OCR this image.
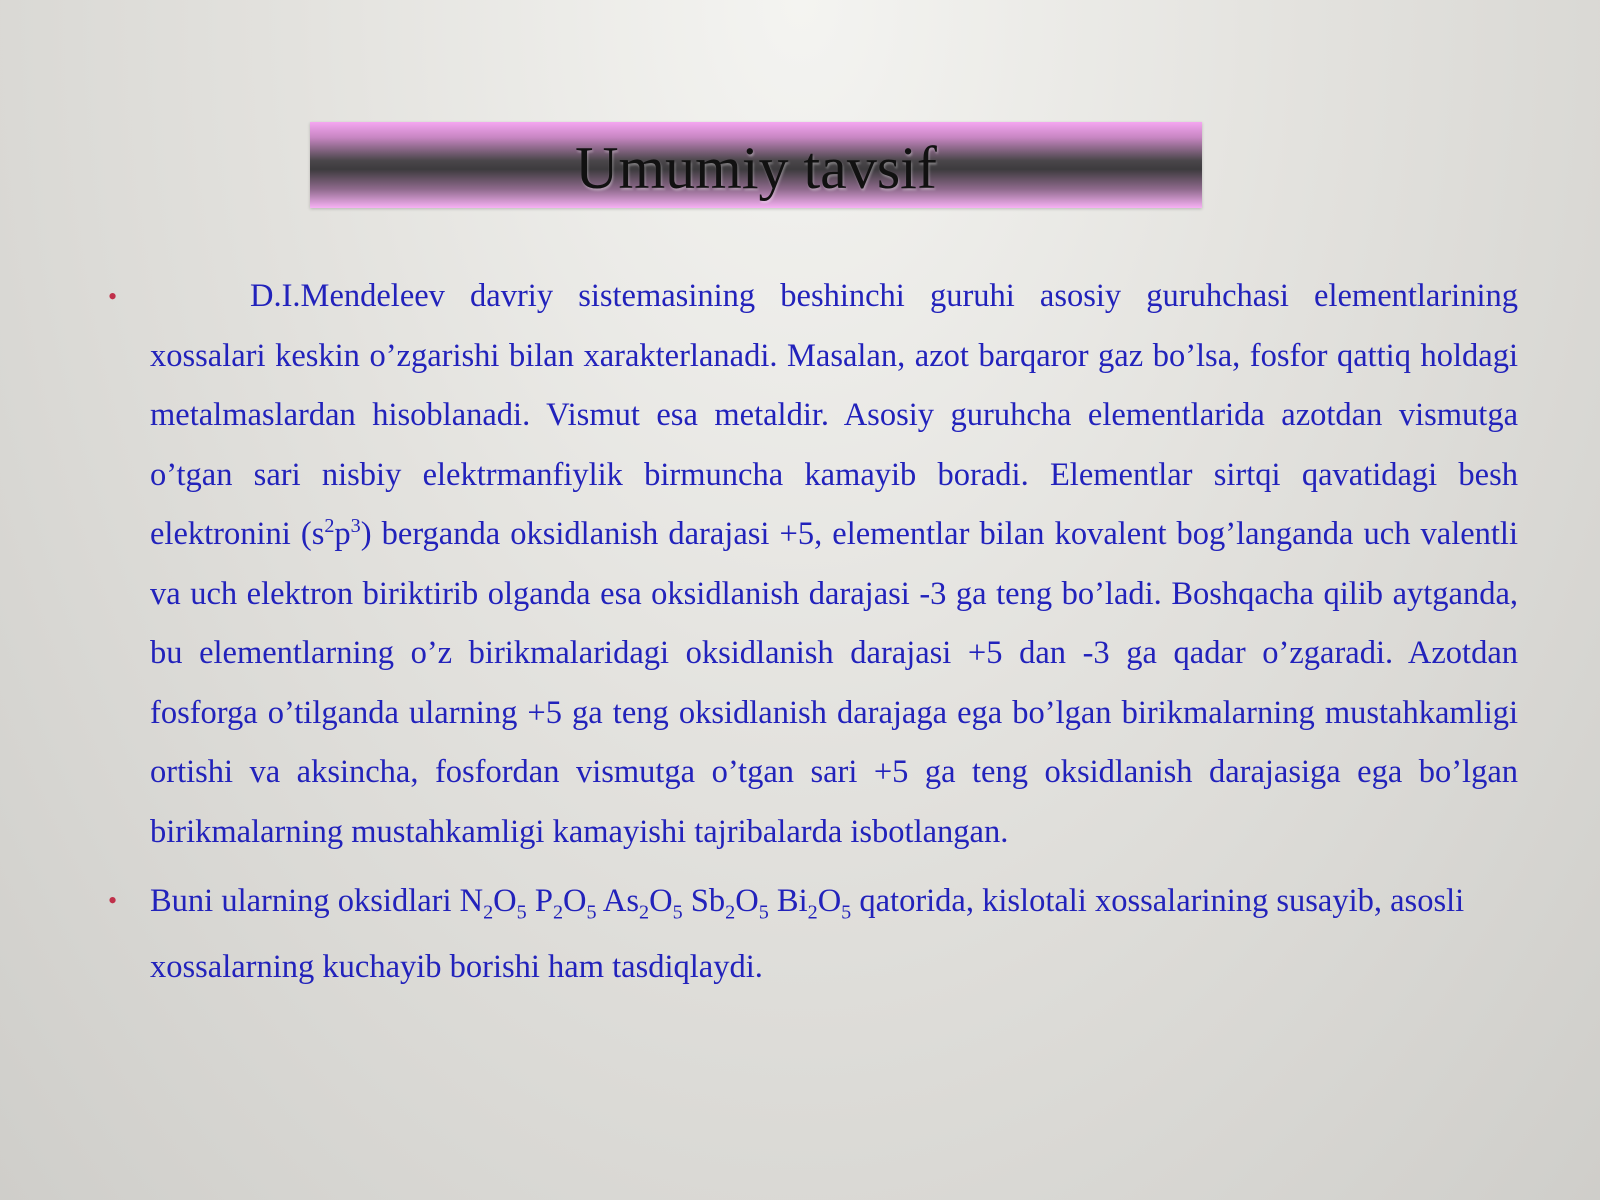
Umumiy tavsif

•	D.I.Mendeleev davriy sistemasining beshinchi guruhi asosiy guruhchasi elementlarining xossalari keskin o’zgarishi bilan xarakterlanadi. Masalan, azot barqaror gaz bo’lsa, fosfor qattiq holdagi metalmaslardan hisoblanadi. Vismut esa metaldir. Asosiy guruhcha elementlarida azotdan vismutga o’tgan sari nisbiy elektrmanfiylik birmuncha kamayib boradi. Elementlar sirtqi qavatidagi besh elektronini $(s^2p^3)$ berganda oksidlanish darajasi +5, elementlar bilan kovalent bog’langanda uch valentli va uch elektron biriktirib olganda esa oksidlanish darajasi -3 ga teng bo’ladi. Boshqacha qilib aytganda, bu elementlarning o’z birikmalaridagi oksidlanish darajasi +5 dan -3 ga qadar o’zgaradi. Azotdan fosforga o’tilganda ularning +5 ga teng oksidlanish darajaga ega bo’lgan birikmalarning mustahkamligi ortishi va aksincha, fosfordan vismutga o’tgan sari +5 ga teng oksidlanish darajasiga ega bo’lgan birikmalarning mustahkamligi kamayishi tajribalarda isbotlangan.

• Buni ularning oksidlari $N_2O_5$ $P_2O_5$ $As_2O_5$ $Sb_2O_5$ $Bi_2O_5$ qatorida, kislotali xossalarining susayib, asosli xossalarning kuchayib borishi ham tasdiqlaydi.
